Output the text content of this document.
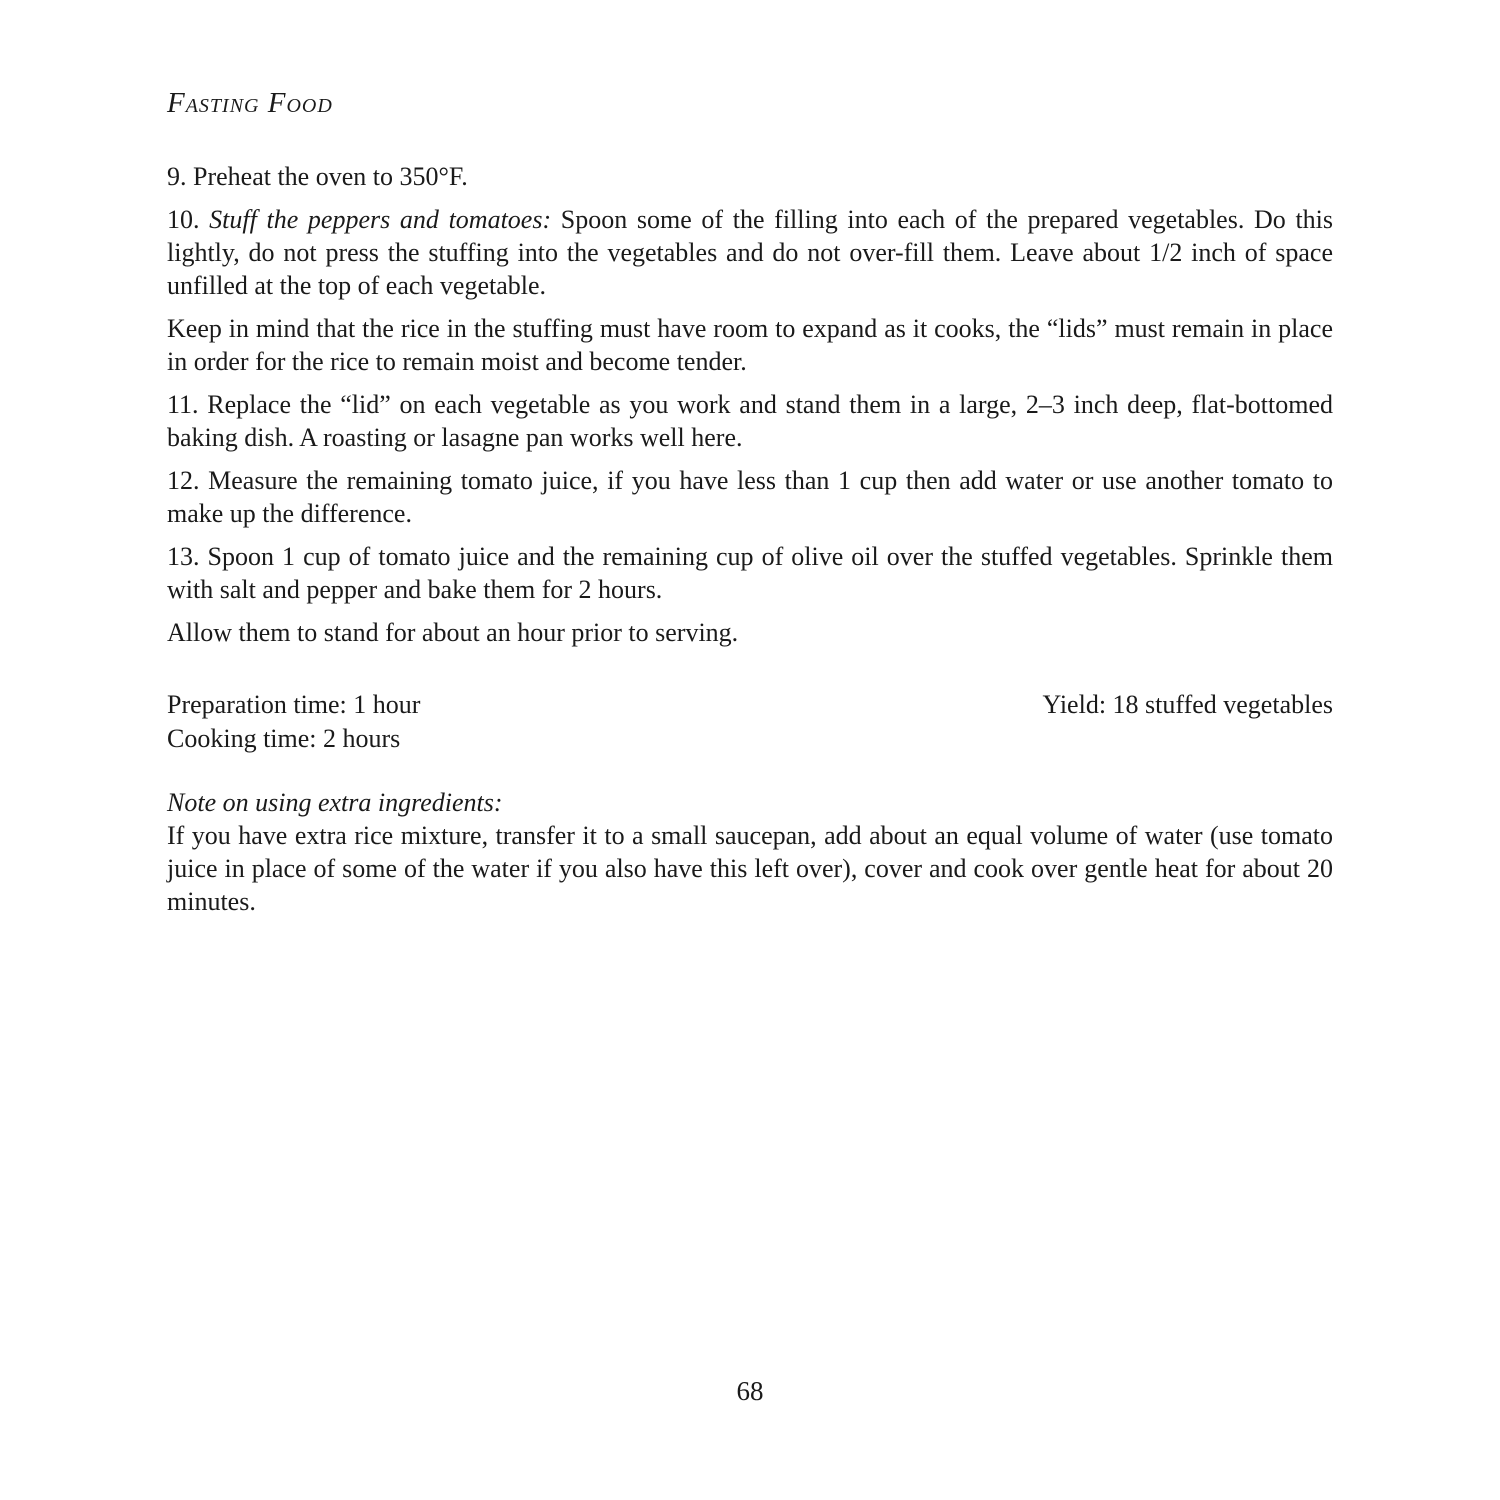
Fasting Food

9. Preheat the oven to 350°F.

10. Stuff the peppers and tomatoes: Spoon some of the filling into each of the prepared vegetables. Do this lightly, do not press the stuffing into the vegetables and do not over-fill them. Leave about 1/2 inch of space unfilled at the top of each vegetable.

Keep in mind that the rice in the stuffing must have room to expand as it cooks, the “lids” must remain in place in order for the rice to remain moist and become tender.

11. Replace the “lid” on each vegetable as you work and stand them in a large, 2–3 inch deep, flat-bottomed baking dish. A roasting or lasagne pan works well here.

12. Measure the remaining tomato juice, if you have less than 1 cup then add water or use another tomato to make up the difference.

13. Spoon 1 cup of tomato juice and the remaining cup of olive oil over the stuffed vegetables. Sprinkle them with salt and pepper and bake them for 2 hours.

Allow them to stand for about an hour prior to serving.

Preparation time: 1 hour	Yield: 18 stuffed vegetables
Cooking time: 2 hours

Note on using extra ingredients:

If you have extra rice mixture, transfer it to a small saucepan, add about an equal volume of water (use tomato juice in place of some of the water if you also have this left over), cover and cook over gentle heat for about 20 minutes.

68
